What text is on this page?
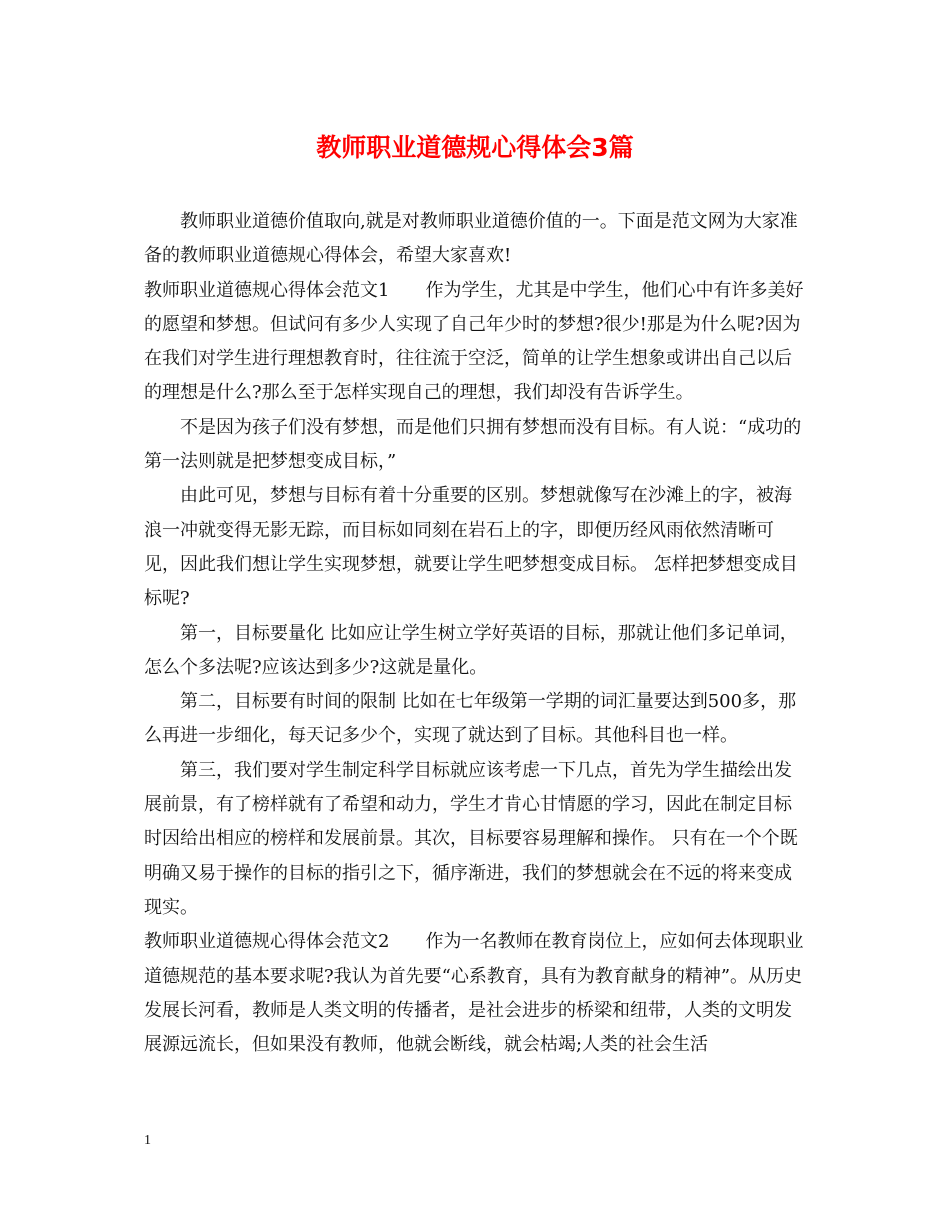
教师职业道德规心得体会3篇

教师职业道德价值取向,就是对教师职业道德价值的一。下面是范文网为大家准备的教师职业道德规心得体会，希望大家喜欢!

教师职业道德规心得体会范文1 作为学生，尤其是中学生，他们心中有许多美好的愿望和梦想。但试问有多少人实现了自己年少时的梦想?很少!那是为什么呢?因为在我们对学生进行理想教育时，往往流于空泛，简单的让学生想象或讲出自己以后的理想是什么?那么至于怎样实现自己的理想，我们却没有告诉学生。

不是因为孩子们没有梦想，而是他们只拥有梦想而没有目标。有人说：“成功的第一法则就是把梦想变成目标，”

由此可见，梦想与目标有着十分重要的区别。梦想就像写在沙滩上的字，被海浪一冲就变得无影无踪，而目标如同刻在岩石上的字，即便历经风雨依然清晰可见，因此我们想让学生实现梦想，就要让学生吧梦想变成目标。 怎样把梦想变成目标呢?

第一，目标要量化 比如应让学生树立学好英语的目标，那就让他们多记单词，怎么个多法呢?应该达到多少?这就是量化。

第二，目标要有时间的限制 比如在七年级第一学期的词汇量要达到500多，那么再进一步细化，每天记多少个，实现了就达到了目标。其他科目也一样。

第三，我们要对学生制定科学目标就应该考虑一下几点，首先为学生描绘出发展前景，有了榜样就有了希望和动力，学生才肯心甘情愿的学习，因此在制定目标时因给出相应的榜样和发展前景。其次，目标要容易理解和操作。 只有在一个个既明确又易于操作的目标的指引之下，循序渐进，我们的梦想就会在不远的将来变成现实。

教师职业道德规心得体会范文2 作为一名教师在教育岗位上，应如何去体现职业道德规范的基本要求呢?我认为首先要“心系教育，具有为教育献身的精神”。从历史发展长河看，教师是人类文明的传播者，是社会进步的桥梁和纽带，人类的文明发展源远流长，但如果没有教师，他就会断线，就会枯竭;人类的社会生活

1
